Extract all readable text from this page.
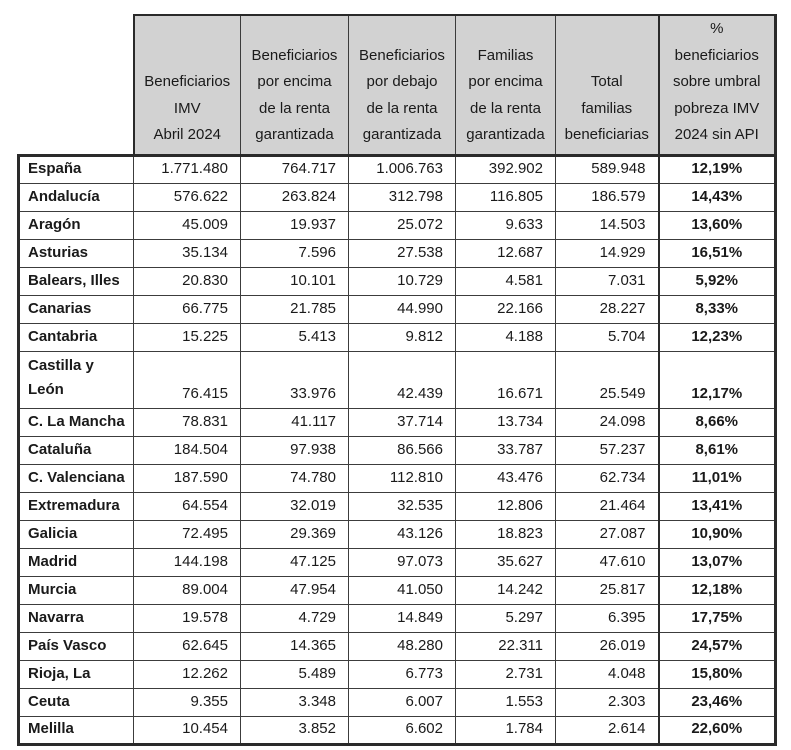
Beneficiarios
IMV
Abril 2024

Beneficiarios
por encima
de la renta
garantizada

Beneficiarios
por debajo
de la renta
garantizada

Familias
por encima
de la renta
garantizada

Total
familias
beneficiarias

%
beneficiarios
sobre umbral
pobreza IMV
2024 sin API

España	1.771.480	764.717	1.006.763	392.902	589.948	12,19%
Andalucía	576.622	263.824	312.798	116.805	186.579	14,43%
Aragón	45.009	19.937	25.072	9.633	14.503	13,60%
Asturias	35.134	7.596	27.538	12.687	14.929	16,51%
Balears, Illes	20.830	10.101	10.729	4.581	7.031	5,92%
Canarias	66.775	21.785	44.990	22.166	28.227	8,33%
Cantabria	15.225	5.413	9.812	4.188	5.704	12,23%

Castilla y
León	76.415	33.976	42.439	16.671	25.549	12,17%
C. La Mancha	78.831	41.117	37.714	13.734	24.098	8,66%
Cataluña	184.504	97.938	86.566	33.787	57.237	8,61%
C. Valenciana	187.590	74.780	112.810	43.476	62.734	11,01%
Extremadura	64.554	32.019	32.535	12.806	21.464	13,41%
Galicia	72.495	29.369	43.126	18.823	27.087	10,90%
Madrid	144.198	47.125	97.073	35.627	47.610	13,07%
Murcia	89.004	47.954	41.050	14.242	25.817	12,18%
Navarra	19.578	4.729	14.849	5.297	6.395	17,75%
País Vasco	62.645	14.365	48.280	22.311	26.019	24,57%
Rioja, La	12.262	5.489	6.773	2.731	4.048	15,80%
Ceuta	9.355	3.348	6.007	1.553	2.303	23,46%
Melilla	10.454	3.852	6.602	1.784	2.614	22,60%
